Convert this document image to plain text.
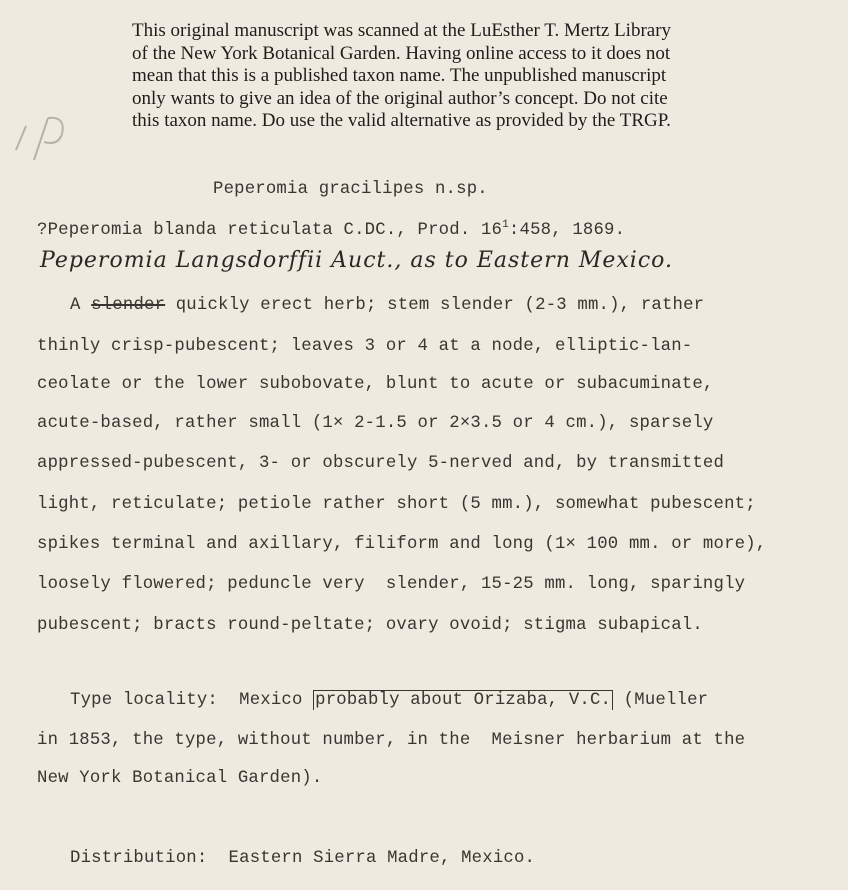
This original manuscript was scanned at the LuEsther T. Mertz Library
of the New York Botanical Garden. Having online access to it does not
mean that this is a published taxon name. The unpublished manuscript
only wants to give an idea of the original author’s concept. Do not cite
this taxon name. Do use the valid alternative as provided by the TRGP.
Peperomia gracilipes n.sp.
?Peperomia blanda reticulata C.DC., Prod. $16^1:458$, 1869.
Peperomia Langsdorffii Auct., as to Eastern Mexico.
A slender quickly erect herb; stem slender (2-3 mm.), rather
thinly crisp-pubescent; leaves 3 or 4 at a node, elliptic-lan-
ceolate or the lower subobovate, blunt to acute or subacuminate,
acute-based, rather small (1× 2-1.5 or 2×3.5 or 4 cm.), sparsely
appressed-pubescent, 3- or obscurely 5-nerved and, by transmitted
light, reticulate; petiole rather short (5 mm.), somewhat pubescent;
spikes terminal and axillary, filiform and long (1× 100 mm. or more),
loosely flowered; peduncle very  slender, 15-25 mm. long, sparingly
pubescent; bracts round-peltate; ovary ovoid; stigma subapical.
Type locality:  Mexico probably about Orizaba, V.C. (Mueller
in 1853, the type, without number, in the  Meisner herbarium at the
New York Botanical Garden).
Distribution:  Eastern Sierra Madre, Mexico.
